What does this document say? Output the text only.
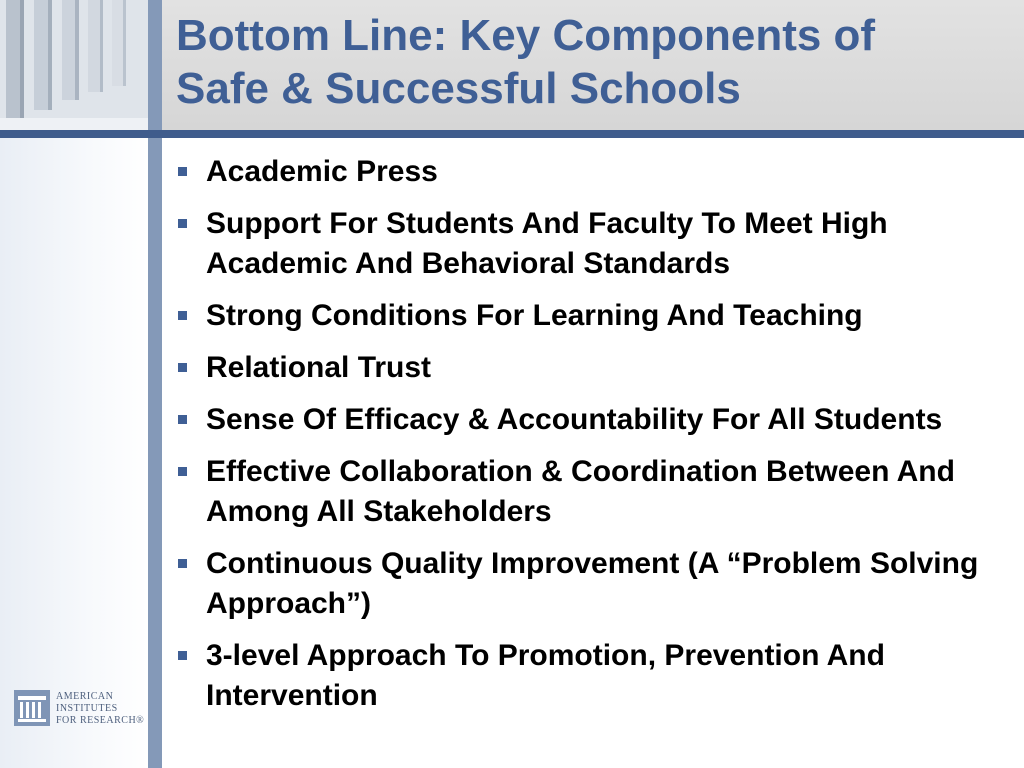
Bottom Line: Key Components of
Safe & Successful Schools
Academic Press
Support For Students And Faculty To Meet High Academic And Behavioral Standards
Strong Conditions For Learning And Teaching
Relational Trust
Sense Of Efficacy & Accountability For All Students
Effective Collaboration & Coordination Between And Among All Stakeholders
Continuous Quality Improvement (A “Problem Solving Approach”)
3-level Approach To Promotion, Prevention And Intervention
AMERICAN
INSTITUTES
FOR RESEARCH®
